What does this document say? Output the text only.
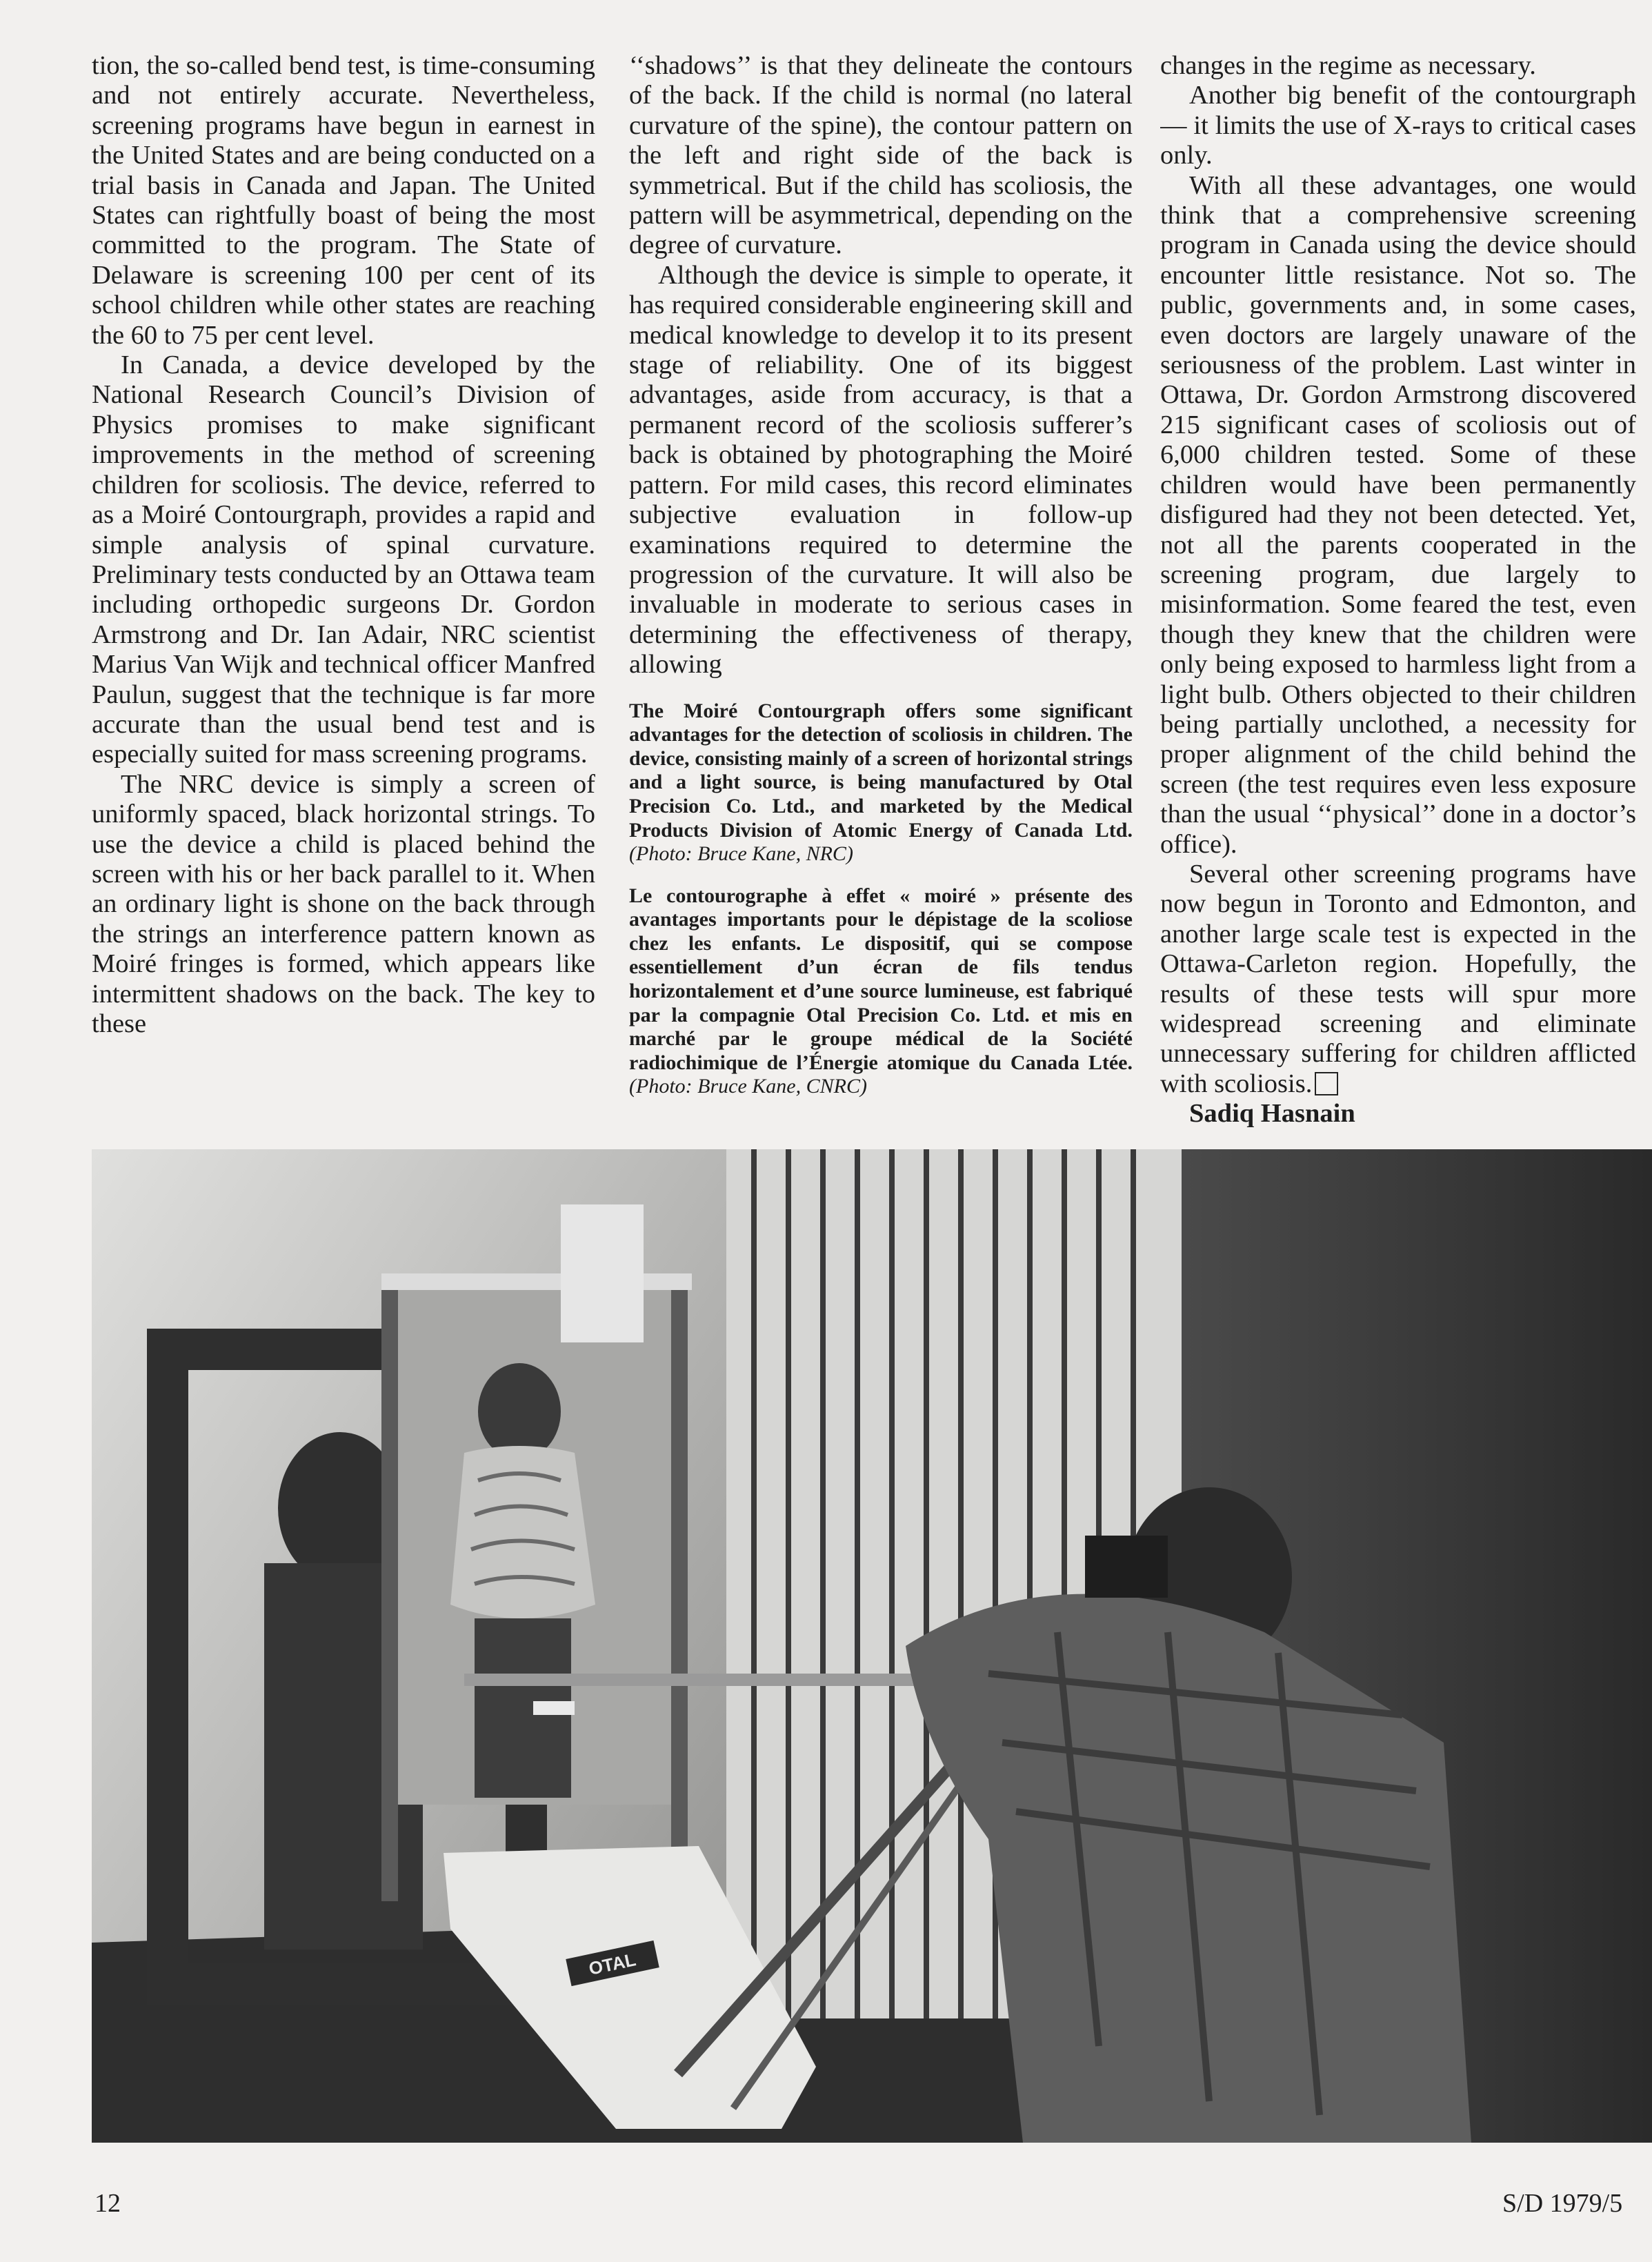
tion, the so-called bend test, is time-consuming and not entirely accurate. Nevertheless, screening programs have begun in earnest in the United States and are being conducted on a trial basis in Canada and Japan. The United States can rightfully boast of being the most committed to the program. The State of Delaware is screening 100 per cent of its school children while other states are reaching the 60 to 75 per cent level.

In Canada, a device developed by the National Research Council’s Division of Physics promises to make significant improvements in the method of screening children for scoliosis. The device, referred to as a Moiré Contourgraph, provides a rapid and simple analysis of spinal curvature. Preliminary tests conducted by an Ottawa team including orthopedic surgeons Dr. Gordon Armstrong and Dr. Ian Adair, NRC scientist Marius Van Wijk and technical officer Manfred Paulun, suggest that the technique is far more accurate than the usual bend test and is especially suited for mass screening programs.

The NRC device is simply a screen of uniformly spaced, black horizontal strings. To use the device a child is placed behind the screen with his or her back parallel to it. When an ordinary light is shone on the back through the strings an interference pattern known as Moiré fringes is formed, which appears like intermittent shadows on the back. The key to these

‘‘shadows’’ is that they delineate the contours of the back. If the child is normal (no lateral curvature of the spine), the contour pattern on the left and right side of the back is symmetrical. But if the child has scoliosis, the pattern will be asymmetrical, depending on the degree of curvature.

Although the device is simple to operate, it has required considerable engineering skill and medical knowledge to develop it to its present stage of reliability. One of its biggest advantages, aside from accuracy, is that a permanent record of the scoliosis sufferer’s back is obtained by photographing the Moiré pattern. For mild cases, this record eliminates subjective evaluation in follow-up examinations required to determine the progression of the curvature. It will also be invaluable in moderate to serious cases in determining the effectiveness of therapy, allowing

The Moiré Contourgraph offers some significant advantages for the detection of scoliosis in children. The device, consisting mainly of a screen of horizontal strings and a light source, is being manufactured by Otal Precision Co. Ltd., and marketed by the Medical Products Division of Atomic Energy of Canada Ltd. (Photo: Bruce Kane, NRC)
Le contourographe à effet « moiré » présente des avantages importants pour le dépistage de la scoliose chez les enfants. Le dispositif, qui se compose essentiellement d’un écran de fils tendus horizontalement et d’une source lumineuse, est fabriqué par la compagnie Otal Precision Co. Ltd. et mis en marché par le groupe médical de la Société radiochimique de l’Énergie atomique du Canada Ltée. (Photo: Bruce Kane, CNRC)

changes in the regime as necessary.

Another big benefit of the contourgraph — it limits the use of X-rays to critical cases only.

With all these advantages, one would think that a comprehensive screening program in Canada using the device should encounter little resistance. Not so. The public, governments and, in some cases, even doctors are largely unaware of the seriousness of the problem. Last winter in Ottawa, Dr. Gordon Armstrong discovered 215 significant cases of scoliosis out of 6,000 children tested. Some of these children would have been permanently disfigured had they not been detected. Yet, not all the parents cooperated in the screening program, due largely to misinformation. Some feared the test, even though they knew that the children were only being exposed to harmless light from a light bulb. Others objected to their children being partially unclothed, a necessity for proper alignment of the child behind the screen (the test requires even less exposure than the usual ‘‘physical’’ done in a doctor’s office).

Several other screening programs have now begun in Toronto and Edmonton, and another large scale test is expected in the Ottawa-Carleton region. Hopefully, the results of these tests will spur more widespread screening and eliminate unnecessary suffering for children afflicted with scoliosis.

Sadiq Hasnain

OTAL
12	S/D 1979/5
